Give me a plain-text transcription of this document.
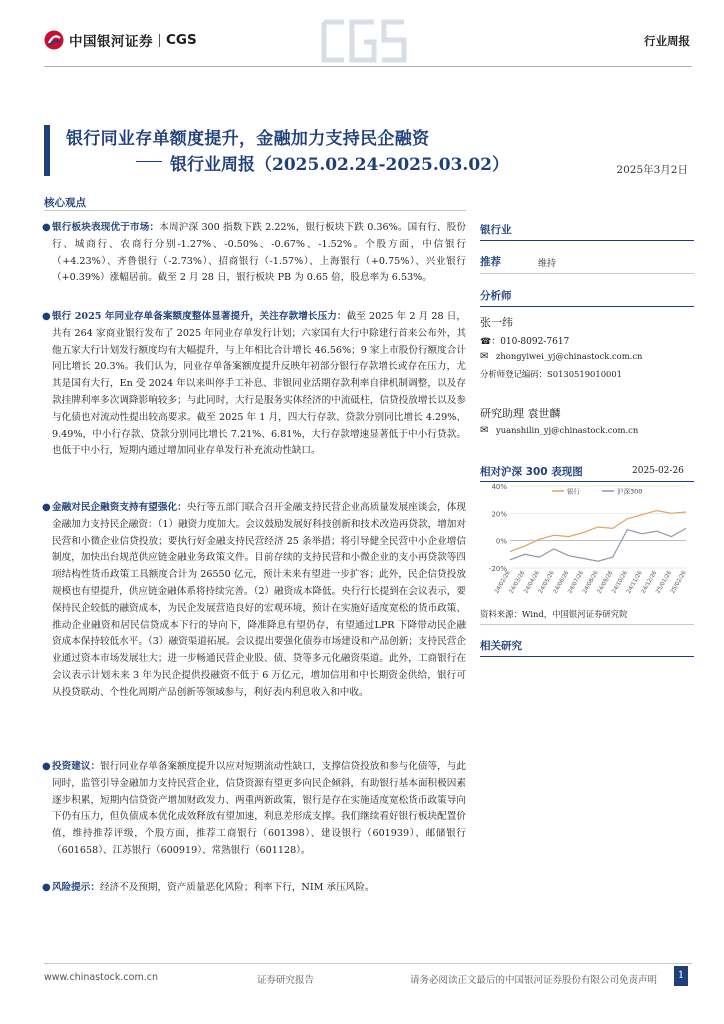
中国银河证券 CGS	行业周报
银行同业存单额度提升，金融加力支持民企融资
银行业周报（2025.02.24-2025.03.02）	2025年3月2日
核心观点
● 银行板块表现优于市场：本周沪深 300 指数下跌 2.22%，银行板块下跌 0.36%。国有行、股份行、城商行、农商行分别-1.27%、-0.50%、-0.67%、-1.52%。个股方面，中信银行（+4.23%）、齐鲁银行（-2.73%）、招商银行（-1.57%）、上海银行（+0.75%）、兴业银行（+0.39%）涨幅居前。截至 2 月 28 日，银行板块 PB 为 0.65 倍，股息率为 6.53%。
● 银行 2025 年同业存单备案额度整体显著提升，关注存款增长压力：截至 2025 年 2 月 28 日，共有 264 家商业银行发布了 2025 年同业存单发行计划；六家国有大行中除建行首来公布外，其他五家大行计划发行额度均有大幅提升，与上年相比合计增长 46.56%；9 家上市股份行额度合计同比增长 20.3%。我们认为，同业存单备案额度提升反映年初部分银行存款增长或存在压力，尤其是国有大行，En 受 2024 年以来叫停手工补息、非银同业活期存款利率自律机制调整，以及存款挂牌利率多次调降影响较多；与此同时，大行是服务实体经济的中流砥柱，信贷投放增长以及参与化债也对流动性提出较高要求。截至 2025 年 1 月，四大行存款、贷款分别同比增长 4.29%、9.49%，中小行存款、贷款分别同比增长 7.21%、6.81%，大行存款增速显著低于中小行贷款。也低于中小行，短期内通过增加同业存单发行补充流动性缺口。
● 金融对民企融资支持有望强化：央行等五部门联合召开金融支持民营企业高质量发展座谈会，体现金融加力支持民企融资：（1）融资力度加大。会议鼓励发展好科技创新和技术改造再贷款，增加对民营和小微企业信贷投放；要执行好金融支持民营经济 25 条举措；将引导健全民营中小企业增信制度，加快出台规范供应链金融业务政策文件。目前存续的支持民营和小微企业的支小再贷款等四项结构性货币政策工具额度合计为 26550 亿元，预计未来有望进一步扩容；此外，民企信贷投放规模也有望提升，供应链金融体系将持续完善。（2）融资成本降低。央行行长提到在会议表示，要保持民企较低的融资成本，为民企发展营造良好的宏观环境，预计在实施好适度宽松的货币政策、推动企业融资和居民信贷成本下行的导向下，降准降息有望仍存，有望通过LPR 下降带动民企融资成本保持较低水平。（3）融资渠道拓展。会议提出要强化债券市场建设和产品创新；支持民营企业通过资本市场发展壮大；进一步畅通民营企业股、债、贷等多元化融资渠道。此外，工商银行在会议表示计划未来 3 年为民企提供投融资不低于 6 万亿元，增加信用和中长期资金供给，银行可从投贷联动、个性化周期产品创新等领域参与，利好表内利息收入和中收。
● 投资建议：银行同业存单备案额度提升以应对短期流动性缺口，支撑信贷投放和参与化债等，与此同时，监管引导金融加力支持民营企业，信贷资源有望更多向民企倾斜，有助银行基本面积极因素逐步积累，短期内信贷资产增加财政发力、两重两新政策，银行是存在实施适度宽松货币政策导向下仍有压力，但负债成本优化成效释放有望加速，利息差形成支撑。我们继续看好银行板块配置价值，维持推荐评级，个股方面，推荐工商银行（601398）、建设银行（601939）、邮储银行（601658）、江苏银行（600919）、常熟银行（601128）。
● 风险提示：经济不及预期，资产质量恶化风险；利率下行，NIM 承压风险。
银行业
推荐	维持
分析师
张一纬
☎：010-8092-7617
✉ zhongyiwei_yj@chinastock.com.cn
分析师登记编码：S0130519010001
研究助理 袁世麟
✉ yuanshilin_yj@chinastock.com.cn
相对沪深 300 表现图	2025-02-26
资料来源：Wind，中国银河证券研究院
相关研究
40%
20%
0%
-20%
24/02/26
24/03/26
24/04/26
24/05/26
24/06/26
24/07/26
24/08/26
24/09/26
24/10/26
24/11/26
24/12/26
25/01/26
25/02/26
银行	沪深300
www.chinastock.com.cn	证券研究报告	请务必阅读正文最后的中国银河证券股份有限公司免责声明	1
